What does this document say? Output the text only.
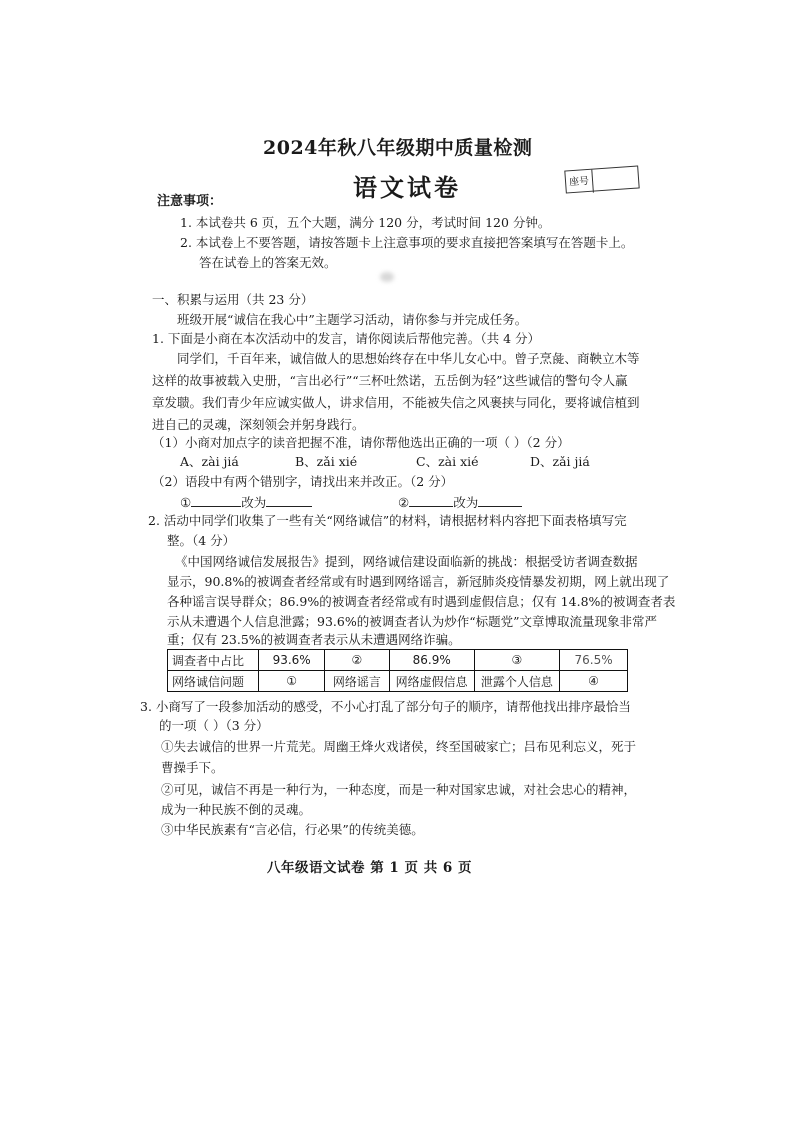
2024年秋八年级期中质量检测
语文试卷	座号
注意事项：
1. 本试卷共 6 页，五个大题，满分 120 分，考试时间 120 分钟。
2. 本试卷上不要答题，请按答题卡上注意事项的要求直接把答案填写在答题卡上。
答在试卷上的答案无效。
一、积累与运用（共 23 分）
班级开展“诚信在我心中”主题学习活动，请你参与并完成任务。
1. 下面是小商在本次活动中的发言，请你阅读后帮他完善。（共 4 分）
同学们，千百年来，诚信做人的思想始终存在中华儿女心中。曾子烹彘、商鞅立木等
这样的故事被载入史册，“言出必行”“三杯吐然诺，五岳倒为轻”这些诚信的警句令人赢
章发聩。我们青少年应诚实做人，讲求信用，不能被失信之风裹挟与同化，要将诚信植到
进自己的灵魂，深刻领会并躬身践行。
（1）小商对加点字的读音把握不准，请你帮他选出正确的一项（ ）（2 分）
A、zài jiá	B、zǎi xié	C、zài xié	D、zǎi jiá
（2）语段中有两个错别字，请找出来并改正。（2 分）
①	改为	②	改为
2. 活动中同学们收集了一些有关“网络诚信”的材料，请根据材料内容把下面表格填写完
整。（4 分）
《中国网络诚信发展报告》提到，网络诚信建设面临新的挑战：根据受访者调查数据
显示，90.8%的被调查者经常或有时遇到网络谣言，新冠肺炎疫情暴发初期，网上就出现了
各种谣言误导群众；86.9%的被调查者经常或有时遇到虚假信息；仅有 14.8%的被调查者表
示从未遭遇个人信息泄露；93.6%的被调查者认为炒作“标题党”文章博取流量现象非常严
重；仅有 23.5%的被调查者表示从未遭遇网络诈骗。
调查者中占比	93.6%	②	86.9%	③	76.5%
网络诚信问题	①	网络谣言	网络虚假信息	泄露个人信息	④
3. 小商写了一段参加活动的感受，不小心打乱了部分句子的顺序，请帮他找出排序最恰当
的一项（ ）（3 分）
①失去诚信的世界一片荒芜。周幽王烽火戏诸侯，终至国破家亡；吕布见利忘义，死于
曹操手下。
②可见，诚信不再是一种行为，一种态度，而是一种对国家忠诚，对社会忠心的精神，
成为一种民族不倒的灵魂。
③中华民族素有“言必信，行必果”的传统美德。
八年级语文试卷 第 1 页 共 6 页
